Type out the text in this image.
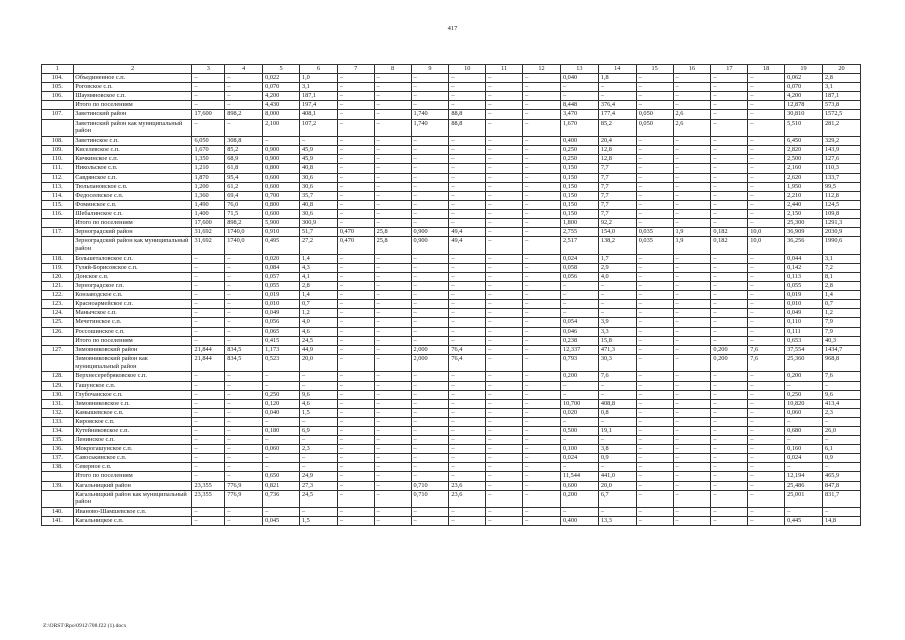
417
1	2	3	4	5	6	7	8	9	10	11	12	13	14	15	16	17	18	19	20
104.	Объединенное с.п.	–	–	0,022	1,0	–	–	–	–	–	–	0,040	1,8	–	–	–	–	0,062	2,8
105.	Роговское с.п.	–	–	0,070	3,1	–	–	–	–	–	–	–	–	–	–	–	–	0,070	3,1
106.	Шаумяновское с.п.	–	–	4,200	187,1	–	–	–	–	–	–	–	–	–	–	–	–	4,200	187,1
	Итого по поселениям	–	–	4,430	197,4	–	–	–	–	–	–	8,448	376,4	–	–	–	–	12,878	573,8
107.	Заветинский район	17,600	898,2	8,000	408,1	–	–	1,740	88,8	–	–	3,470	177,4	0,050	2,6	–	–	30,810	1572,5
	Заветинский район как муниципальный район	–	–	2,100	107,2	–	–	1,740	88,8	–	–	1,670	85,2	0,050	2,6	–	–	5,510	281,2
108.	Заветинское с.п.	6,050	308,8	–	–	–	–	–	–	–	–	0,400	20,4	–	–	–	–	6,450	329,2
109.	Киселевское с.п.	1,670	85,2	0,900	45,9	–	–	–	–	–	–	0,250	12,8	–	–	–	–	2,820	143,9
110.	Кичкинское с.п.	1,350	68,9	0,900	45,9	–	–	–	–	–	–	0,250	12,8	–	–	–	–	2,500	127,6
111.	Никольское с.п.	1,210	61,8	0,800	40,8	–	–	–	–	–	–	0,150	7,7	–	–	–	–	2,160	110,3
112.	Савдянское с.п.	1,870	95,4	0,600	30,6	–	–	–	–	–	–	0,150	7,7	–	–	–	–	2,620	133,7
113.	Тюльпановское с.п.	1,200	61,2	0,600	30,6	–	–	–	–	–	–	0,150	7,7	–	–	–	–	1,950	99,5
114.	Федосеевское с.п.	1,360	69,4	0,700	35,7	–	–	–	–	–	–	0,150	7,7	–	–	–	–	2,210	112,8
115.	Фоминское с.п.	1,490	76,0	0,800	40,8	–	–	–	–	–	–	0,150	7,7	–	–	–	–	2,440	124,5
116.	Шебалинское с.п.	1,400	71,5	0,600	30,6	–	–	–	–	–	–	0,150	7,7	–	–	–	–	2,150	109,8
	Итого по поселениям	17,600	898,2	5,900	300,9	–	–	–	–	–	–	1,800	92,2	–	–	–	–	25,300	1291,3
117.	Зерноградский район	31,692	1740,0	0,910	51,7	0,470	25,8	0,900	49,4	–	–	2,755	154,0	0,035	1,9	0,182	10,0	36,909	2030,9
	Зерноградский район как муниципальный район	31,692	1740,0	0,495	27,2	0,470	25,8	0,900	49,4	–	–	2,517	138,2	0,035	1,9	0,182	10,0	36,256	1990,6
118.	Большеталовское с.п.	–	–	0,020	1,4	–	–	–	–	–	–	0,024	1,7	–	–	–	–	0,044	3,1
119.	Гуляй-Борисовское с.п.	–	–	0,084	4,3	–	–	–	–	–	–	0,058	2,9	–	–	–	–	0,142	7,2
120.	Донское с.п.	–	–	0,057	4,1	–	–	–	–	–	–	0,056	4,0	–	–	–	–	0,113	8,1
121.	Зерноградское г.п.	–	–	0,055	2,8	–	–	–	–	–	–	–	–	–	–	–	–	0,055	2,8
122.	Конзаводское с.п.	–	–	0,019	1,4	–	–	–	–	–	–	–	–	–	–	–	–	0,019	1,4
123.	Красноармейское с.п.	–	–	0,010	0,7	–	–	–	–	–	–	–	–	–	–	–	–	0,010	0,7
124.	Манычское с.п.	–	–	0,049	1,2	–	–	–	–	–	–	–	–	–	–	–	–	0,049	1,2
125.	Мечетинское с.п.	–	–	0,056	4,0	–	–	–	–	–	–	0,054	3,9	–	–	–	–	0,110	7,9
126.	Россошинское с.п.	–	–	0,065	4,6	–	–	–	–	–	–	0,046	3,3	–	–	–	–	0,111	7,9
	Итого по поселениям	–	–	0,415	24,5	–	–	–	–	–	–	0,238	15,8	–	–	–	–	0,653	40,3
127.	Зимовниковский район	21,844	834,5	1,173	44,9	–	–	2,000	76,4	–	–	12,337	471,3	–	–	0,200	7,6	37,554	1434,7
	Зимовниковский район как муниципальный район	21,844	834,5	0,523	20,0	–	–	2,000	76,4	–	–	0,793	30,3	–	–	0,200	7,6	25,360	968,8
128.	Верхнесеребряковское с.п.	–	–	–	–	–	–	–	–	–	–	0,200	7,6	–	–	–	–	0,200	7,6
129.	Гашунское с.п.	–	–	–	–	–	–	–	–	–	–	–	–	–	–	–	–	–	–
130.	Глубочанское с.п.	–	–	0,250	9,6	–	–	–	–	–	–	–	–	–	–	–	–	0,250	9,6
131.	Зимовниковское с.п.	–	–	0,120	4,6	–	–	–	–	–	–	10,700	408,8	–	–	–	–	10,820	413,4
132.	Камышевское с.п.	–	–	0,040	1,5	–	–	–	–	–	–	0,020	0,8	–	–	–	–	0,060	2,3
133.	Кировское с.п.	–	–	–	–	–	–	–	–	–	–	–	–	–	–	–	–	–	–
134.	Кутейниковское с.п.	–	–	0,180	6,9	–	–	–	–	–	–	0,500	19,1	–	–	–	–	0,680	26,0
135.	Ленинское с.п.	–	–	–	–	–	–	–	–	–	–	–	–	–	–	–	–	–	–
136.	Мокрогашунское с.п.	–	–	0,060	2,3	–	–	–	–	–	–	0,100	3,8	–	–	–	–	0,160	6,1
137.	Савоськинское с.п.	–	–	–	–	–	–	–	–	–	–	0,024	0,9	–	–	–	–	0,024	0,9
138.	Северное с.п.	–	–	–	–	–	–	–	–	–	–	–	–	–	–	–	–	–	–
	Итого по поселениям	–	–	0,650	24,9	–	–	–	–	–	–	11,544	441,0	–	–	–	–	12,194	465,9
139.	Кагальницкий район	23,355	776,9	0,821	27,3	–	–	0,710	23,6	–	–	0,600	20,0	–	–	–	–	25,486	847,8
	Кагальницкий район как муниципальный район	23,355	776,9	0,736	24,5	–	–	0,710	23,6	–	–	0,200	6,7	–	–	–	–	25,001	831,7
140.	Иваново-Шамшевское с.п.	–	–	–	–	–	–	–	–	–	–	–	–	–	–	–	–	–	–
141.	Кагальницкое с.п.	–	–	0,045	1,5	–	–	–	–	–	–	0,400	13,3	–	–	–	–	0,445	14,8
Z:\ORST\Rpo\0912\708.f22 (1).docx
